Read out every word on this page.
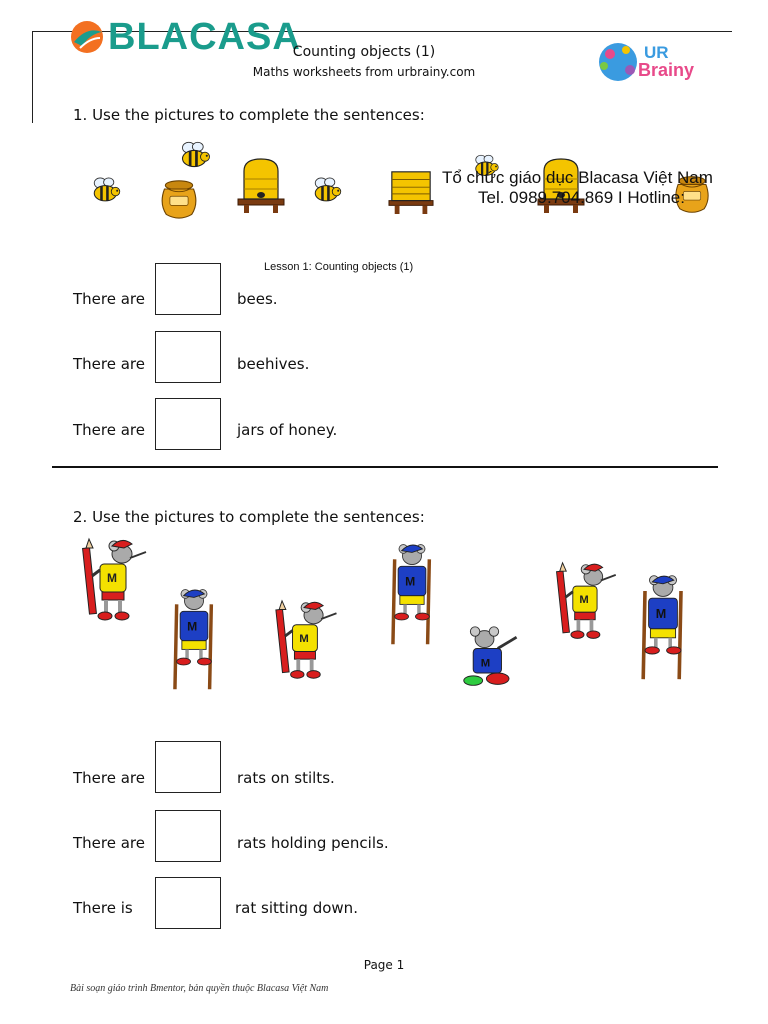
BLACASA
Counting objects (1)
Maths worksheets from urbrainy.com
UR
Brainy
1. Use the pictures to complete the sentences:
Tổ chức giáo dục Blacasa Việt Nam
Tel. 0989.704.869 I Hotline:
Lesson 1: Counting objects (1)
There are	bees.
There are	beehives.
There are	jars of honey.
2. Use the pictures to complete the sentences:
There are	rats on stilts.
There are	rats holding pencils.
There is	rat sitting down.
Page 1
Bài soạn giáo trình Bmentor, bản quyền thuộc Blacasa Việt Nam
